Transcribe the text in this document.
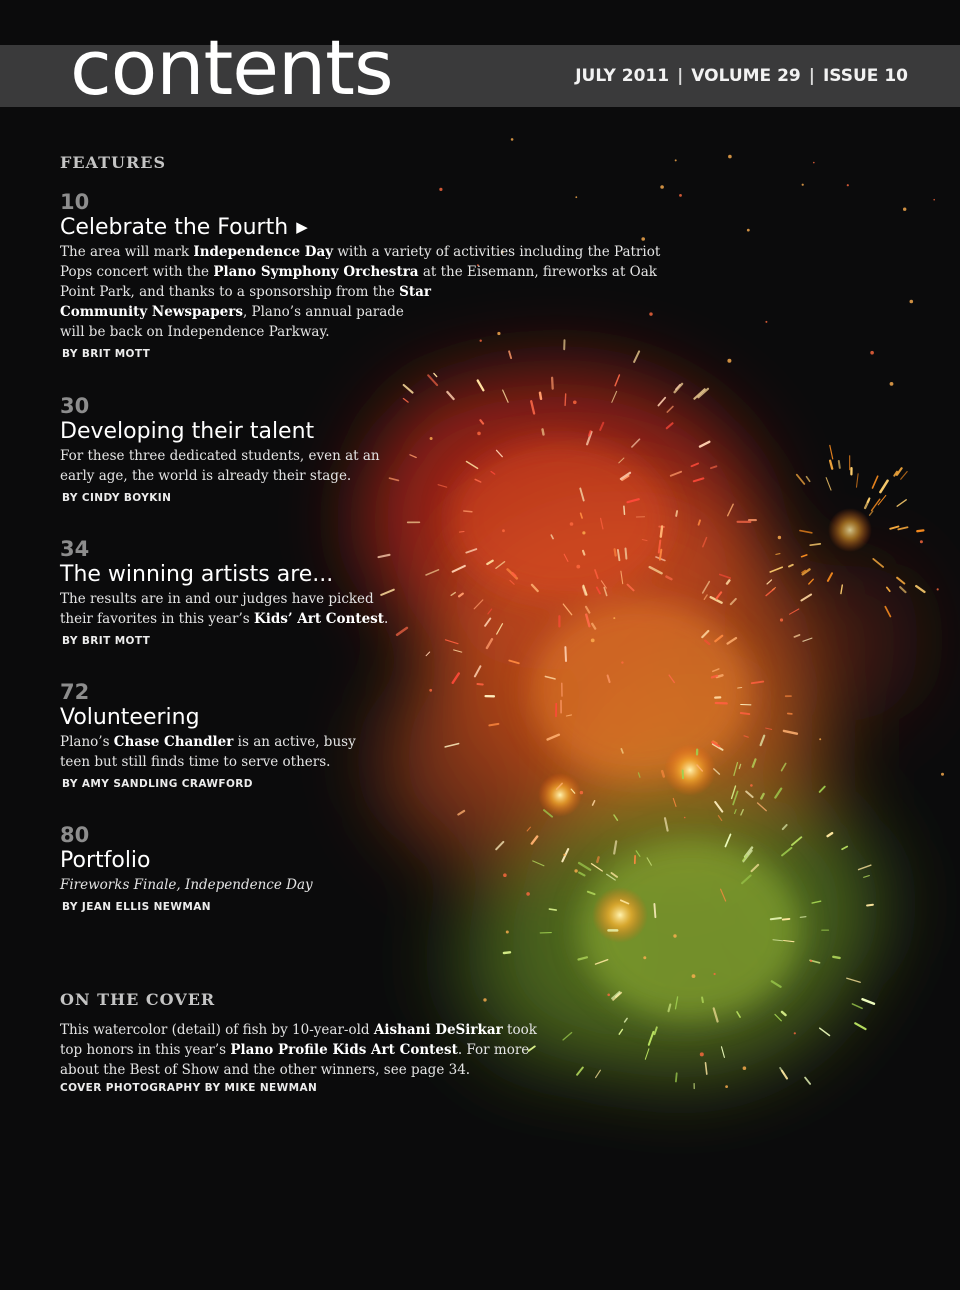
contents	JULY 2011 | VOLUME 29 | ISSUE 10
FEATURES
10
Celebrate the Fourth ▶
The area will mark Independence Day with a variety of activities including the Patriot
Pops concert with the Plano Symphony Orchestra at the Eisemann, fireworks at Oak
Point Park, and thanks to a sponsorship from the Star
Community Newspapers, Plano’s annual parade
will be back on Independence Parkway.
BY BRIT MOTT
30
Developing their talent
For these three dedicated students, even at an
early age, the world is already their stage.
BY CINDY BOYKIN
34
The winning artists are...
The results are in and our judges have picked
their favorites in this year’s Kids’ Art Contest.
BY BRIT MOTT
72
Volunteering
Plano’s Chase Chandler is an active, busy
teen but still finds time to serve others.
BY AMY SANDLING CRAWFORD
80
Portfolio
Fireworks Finale, Independence Day
BY JEAN ELLIS NEWMAN
ON THE COVER
This watercolor (detail) of fish by 10-year-old Aishani DeSirkar took
top honors in this year’s Plano Profile Kids Art Contest. For more
about the Best of Show and the other winners, see page 34.
COVER PHOTOGRAPHY BY MIKE NEWMAN
